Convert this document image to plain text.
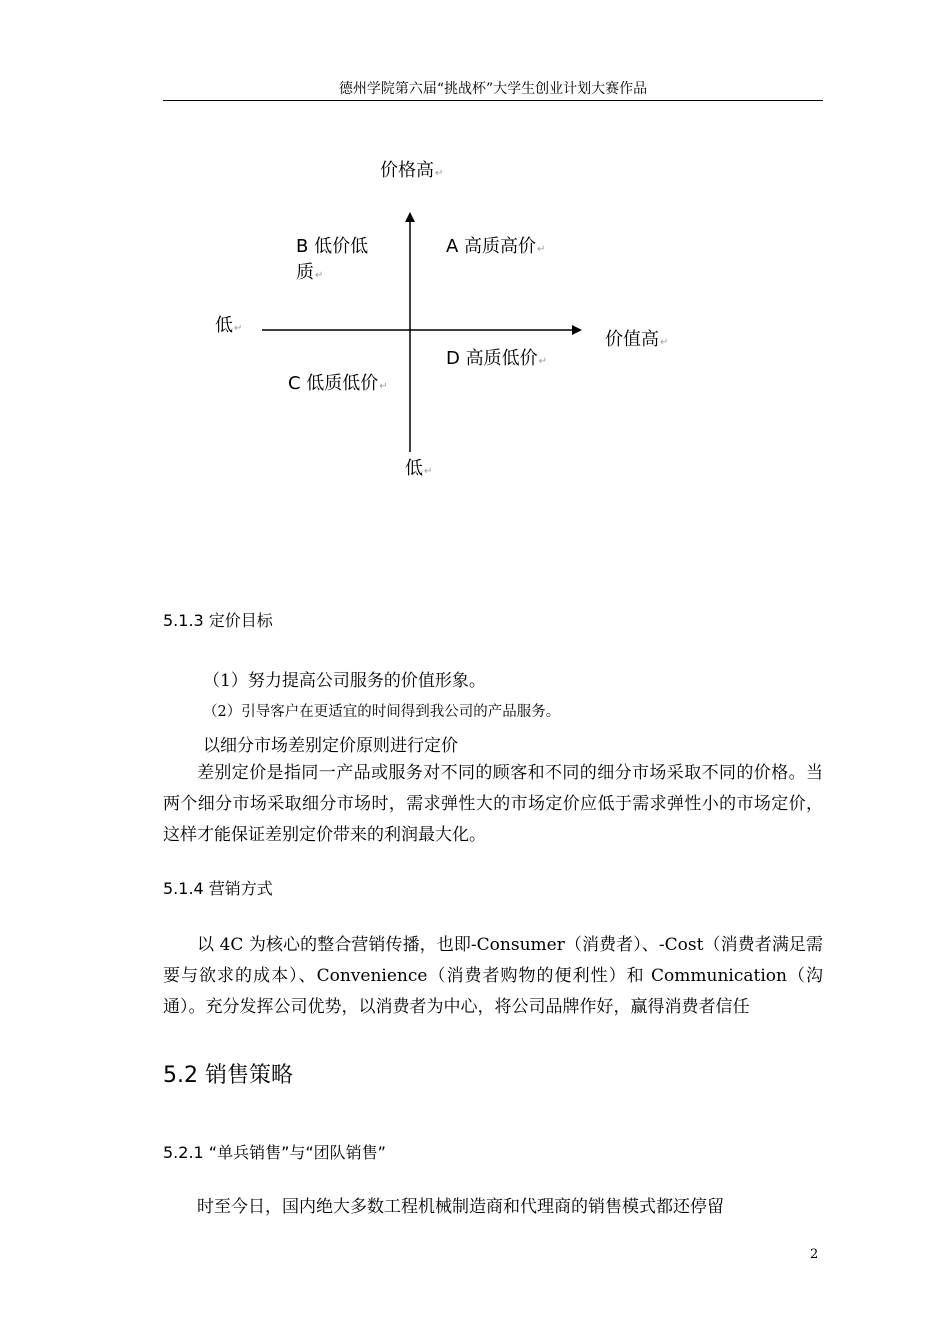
德州学院第六届“挑战杯”大学生创业计划大赛作品
价格高↵
低↵
低↵
价值高↵
A 高质高价↵
B 低价低
质↵
C 低质低价↵
D 高质低价↵
5.1.3 定价目标
（1）努力提高公司服务的价值形象。
（2）引导客户在更适宜的时间得到我公司的产品服务。
以细分市场差别定价原则进行定价
差别定价是指同一产品或服务对不同的顾客和不同的细分市场采取不同的价格。当两个细分市场采取细分市场时，需求弹性大的市场定价应低于需求弹性小的市场定价，这样才能保证差别定价带来的利润最大化。
5.1.4 营销方式
以 4C 为核心的整合营销传播，也即-Consumer（消费者）、-Cost（消费者满足需要与欲求的成本）、Convenience（消费者购物的便利性）和 Communication（沟通）。充分发挥公司优势，以消费者为中心，将公司品牌作好，赢得消费者信任
5.2 销售策略
5.2.1 “单兵销售”与“团队销售”
时至今日，国内绝大多数工程机械制造商和代理商的销售模式都还停留
2
